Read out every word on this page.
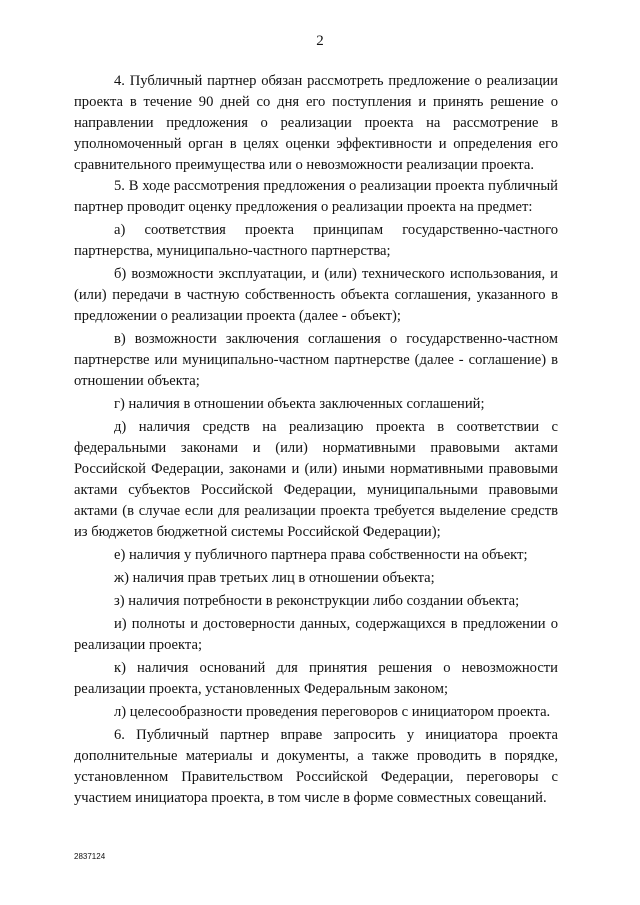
2

4. Публичный партнер обязан рассмотреть предложение о реализации проекта в течение 90 дней со дня его поступления и принять решение о направлении предложения о реализации проекта на рассмотрение в уполномоченный орган в целях оценки эффективности и определения его сравнительного преимущества или о невозможности реализации проекта.

5. В ходе рассмотрения предложения о реализации проекта публичный партнер проводит оценку предложения о реализации проекта на предмет:

а) соответствия проекта принципам государственно-частного партнерства, муниципально-частного партнерства;

б) возможности эксплуатации, и (или) технического использования, и (или) передачи в частную собственность объекта соглашения, указанного в предложении о реализации проекта (далее - объект);

в) возможности заключения соглашения о государственно-частном партнерстве или муниципально-частном партнерстве (далее - соглашение) в отношении объекта;

г) наличия в отношении объекта заключенных соглашений;

д) наличия средств на реализацию проекта в соответствии с федеральными законами и (или) нормативными правовыми актами Российской Федерации, законами и (или) иными нормативными правовыми актами субъектов Российской Федерации, муниципальными правовыми актами (в случае если для реализации проекта требуется выделение средств из бюджетов бюджетной системы Российской Федерации);

е) наличия у публичного партнера права собственности на объект;

ж) наличия прав третьих лиц в отношении объекта;

з) наличия потребности в реконструкции либо создании объекта;

и) полноты и достоверности данных, содержащихся в предложении о реализации проекта;

к) наличия оснований для принятия решения о невозможности реализации проекта, установленных Федеральным законом;

л) целесообразности проведения переговоров с инициатором проекта.

6. Публичный партнер вправе запросить у инициатора проекта дополнительные материалы и документы, а также проводить в порядке, установленном Правительством Российской Федерации, переговоры с участием инициатора проекта, в том числе в форме совместных совещаний.

2837124
